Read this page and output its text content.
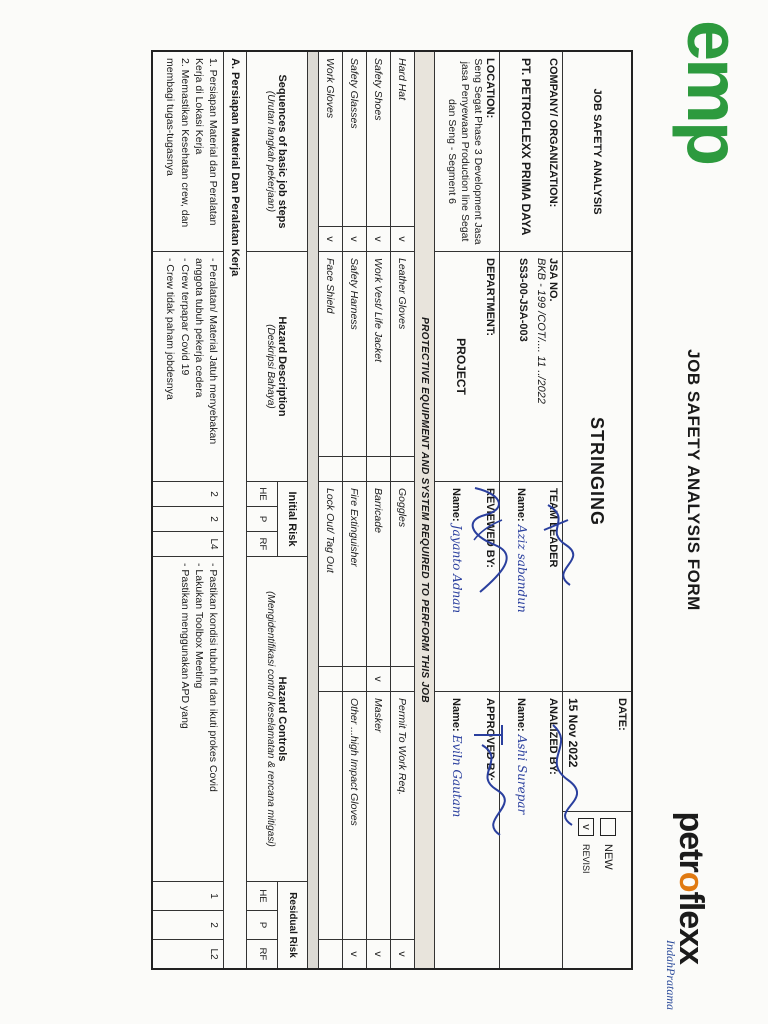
emp
JOB SAFETY ANALYSIS FORM
petroflexx
IndahPratama
JOB SAFETY ANALYSIS
STRINGING
DATE:
15 Nov 2022
NEW
vREVISI
COMPANY/ ORGANIZATION:
PT. PETROFLEXX PRIMA DAYA
JSA NO.
BKB - 199 /COT/.... 11 ../2022
SS3-00-JSA-003
TEAM LEADER
Name: Aziz sabandun
ANALIZED BY:
Name: Ashi Surepar
LOCATION:
Seng Segat Phase 3 Development Jasa jasa Penyewaan Production line Segat dan Seng - Segment 6
DEPARTMENT:
PROJECT
REVIEWED BY:
Name: Jayanto Adnan
APPROVED BY:
Name: Eviln Gautam
PROTECTIVE EQUIPMENT AND SYSTEM REQUIRED TO PERFORM THIS JOB
Hard Hat
v
Leather Gloves
Goggles
Permit To Work Req.
v
Safety Shoes
v
Work Vest/ Life Jacket
Barricade
v
Masker
v
Safety Glasses
v
Safety Harness
Fire Extinguisher
Other ...high Impact Gloves
v
Work Gloves
v
Face Shield
Lock Out/ Tag Out
Sequences of basic job steps
(Urutan langkah pekerjaan)
Hazard Description
(Deskripsi Bahaya)
Initial Risk
HE
P
RF
Hazard Controls
(Mengidentifikasi control keselamatan & rencana mitigasi)
Residual Risk
HE
P
RF
A. Persiapan Material Dan Peralatan Kerja
1. Persiapan Material dan Peralatan Kerja di Lokasi Kerja
2. Memastikan Kesehatan crew, dan membagi tugas-tugasnya
- Peralatan/ Material Jatuh menyebakan anggota tubuh pekerja cedera
- Crew terpapar Covid 19
- Crew tidak paham jobdesnya
2
2
L4
- Pastikan kondisi tubuh fit dan ikuti prokes Covid
- Lakukan Toolbox Meeting
- Pastikan menggunakan APD yang
1
2
L2
